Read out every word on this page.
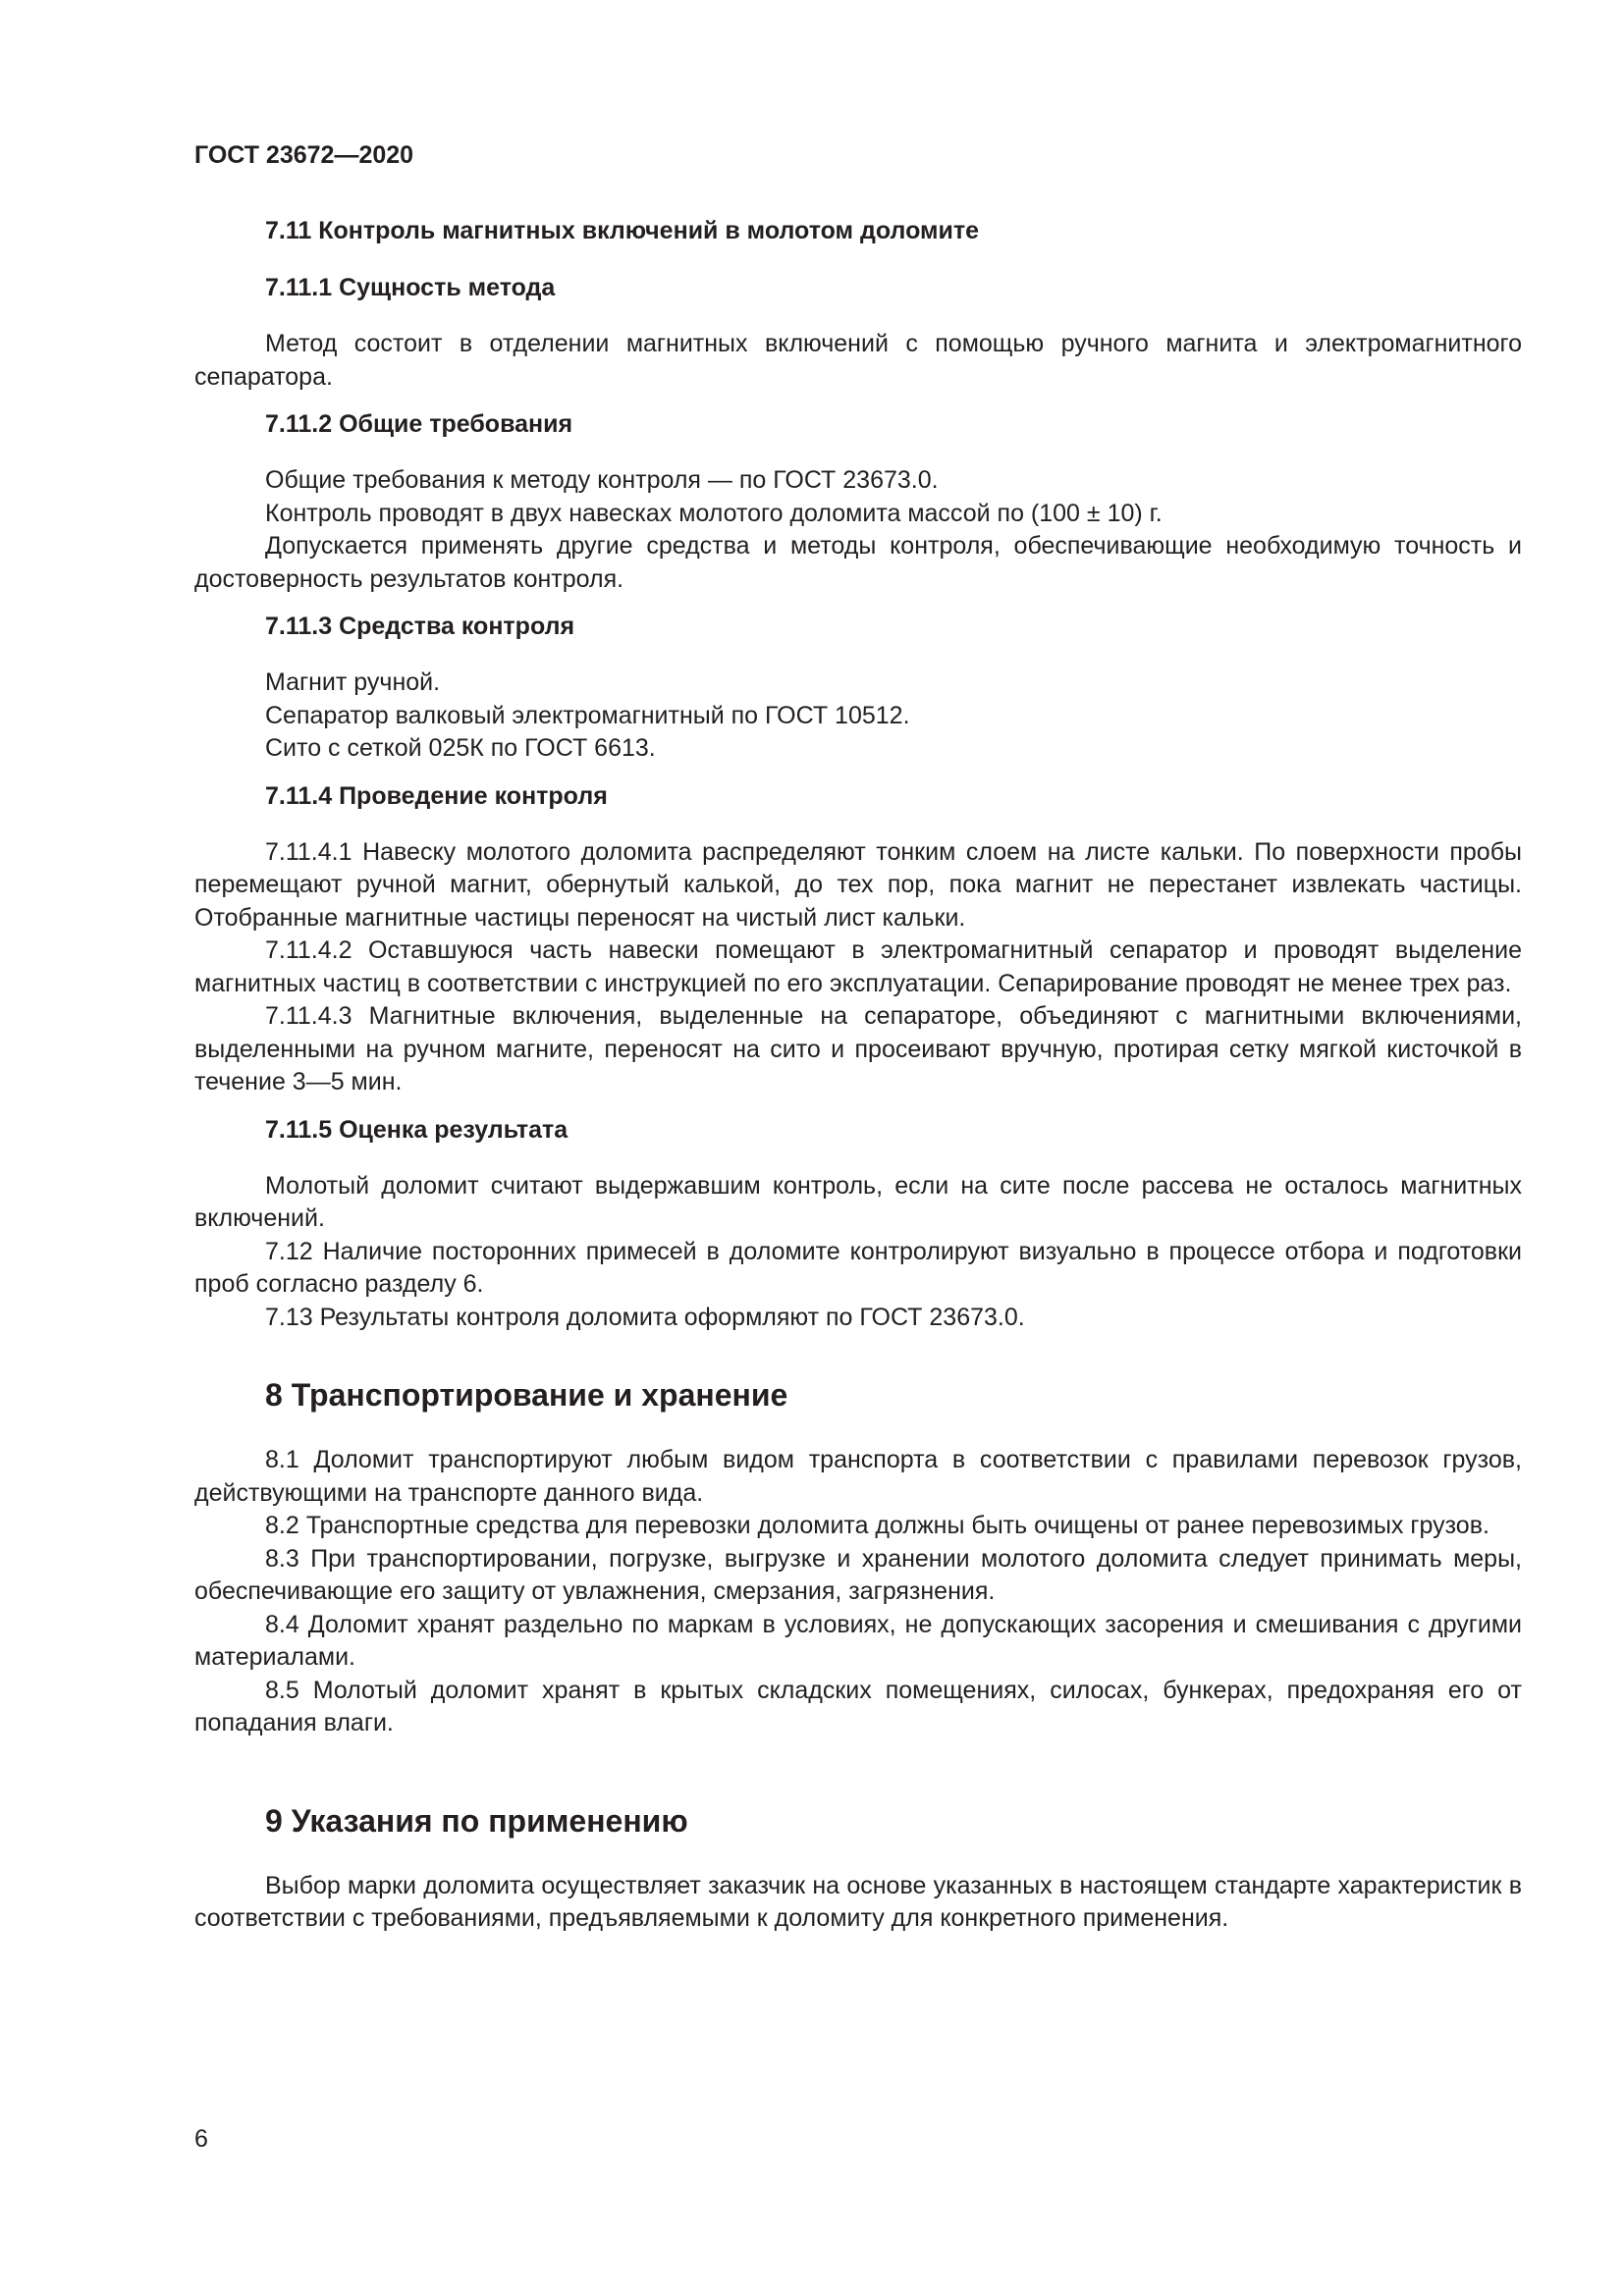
ГОСТ 23672—2020
7.11 Контроль магнитных включений в молотом доломите
7.11.1 Сущность метода

Метод состоит в отделении магнитных включений с помощью ручного магнита и электромагнитного сепаратора.

7.11.2 Общие требования

Общие требования к методу контроля — по ГОСТ 23673.0.

Контроль проводят в двух навесках молотого доломита массой по (100 ± 10) г.

Допускается применять другие средства и методы контроля, обеспечивающие необходимую точность и достоверность результатов контроля.

7.11.3 Средства контроля

Магнит ручной.

Сепаратор валковый электромагнитный по ГОСТ 10512.

Сито с сеткой 025К по ГОСТ 6613.

7.11.4 Проведение контроля

7.11.4.1 Навеску молотого доломита распределяют тонким слоем на листе кальки. По поверхности пробы перемещают ручной магнит, обернутый калькой, до тех пор, пока магнит не перестанет извлекать частицы. Отобранные магнитные частицы переносят на чистый лист кальки.

7.11.4.2 Оставшуюся часть навески помещают в электромагнитный сепаратор и проводят выделение магнитных частиц в соответствии с инструкцией по его эксплуатации. Сепарирование проводят не менее трех раз.

7.11.4.3 Магнитные включения, выделенные на сепараторе, объединяют с магнитными включениями, выделенными на ручном магните, переносят на сито и просеивают вручную, протирая сетку мягкой кисточкой в течение 3—5 мин.

7.11.5 Оценка результата

Молотый доломит считают выдержавшим контроль, если на сите после рассева не осталось магнитных включений.

7.12 Наличие посторонних примесей в доломите контролируют визуально в процессе отбора и подготовки проб согласно разделу 6.

7.13 Результаты контроля доломита оформляют по ГОСТ 23673.0.

8 Транспортирование и хранение

8.1 Доломит транспортируют любым видом транспорта в соответствии с правилами перевозок грузов, действующими на транспорте данного вида.

8.2 Транспортные средства для перевозки доломита должны быть очищены от ранее перевозимых грузов.

8.3 При транспортировании, погрузке, выгрузке и хранении молотого доломита следует принимать меры, обеспечивающие его защиту от увлажнения, смерзания, загрязнения.

8.4 Доломит хранят раздельно по маркам в условиях, не допускающих засорения и смешивания с другими материалами.

8.5 Молотый доломит хранят в крытых складских помещениях, силосах, бункерах, предохраняя его от попадания влаги.

9 Указания по применению

Выбор марки доломита осуществляет заказчик на основе указанных в настоящем стандарте характеристик в соответствии с требованиями, предъявляемыми к доломиту для конкретного применения.

6
